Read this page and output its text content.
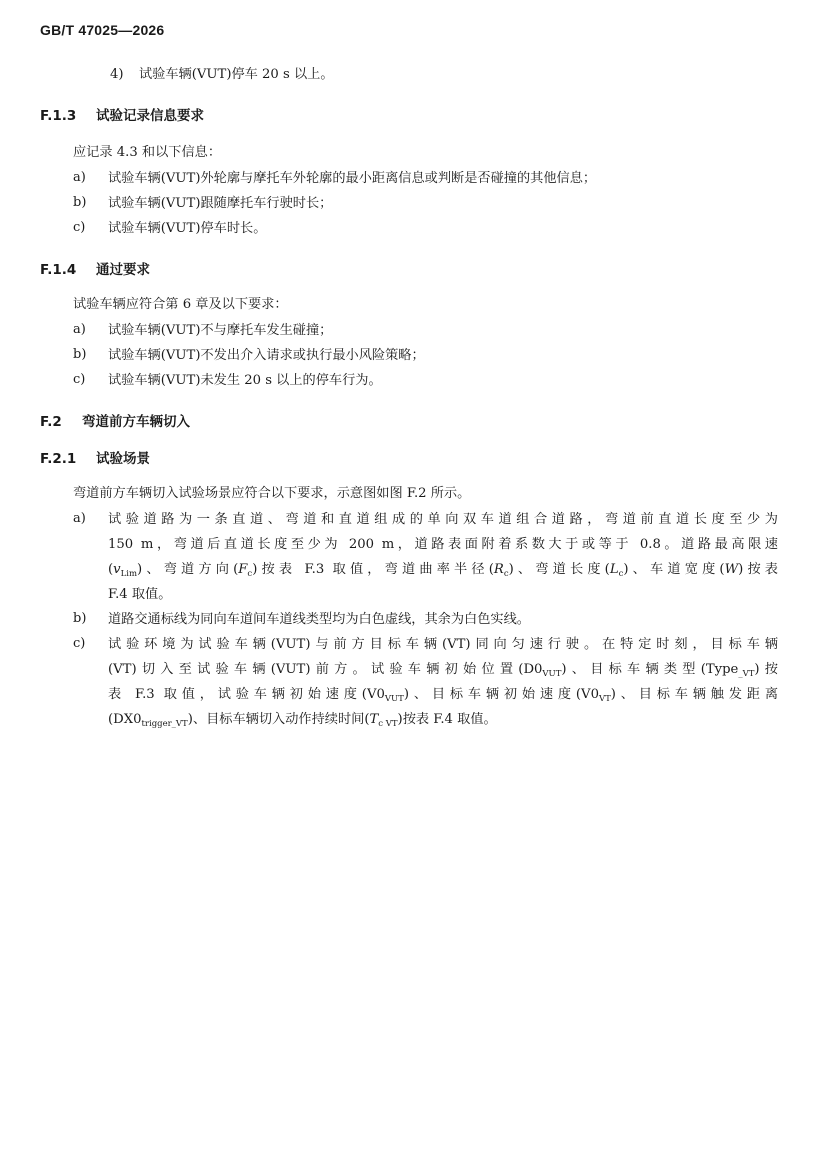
GB/T 47025—2026
4) 试验车辆(VUT)停车 20 s 以上。
F.1.3 试验记录信息要求
应记录 4.3 和以下信息：
a) 试验车辆(VUT)外轮廓与摩托车外轮廓的最小距离信息或判断是否碰撞的其他信息；
b) 试验车辆(VUT)跟随摩托车行驶时长；
c) 试验车辆(VUT)停车时长。
F.1.4 通过要求
试验车辆应符合第 6 章及以下要求：
a) 试验车辆(VUT)不与摩托车发生碰撞；
b) 试验车辆(VUT)不发出介入请求或执行最小风险策略；
c) 试验车辆(VUT)未发生 20 s 以上的停车行为。
F.2 弯道前方车辆切入
F.2.1 试验场景
弯道前方车辆切入试验场景应符合以下要求，示意图如图 F.2 所示。
a) 试验道路为一条直道、弯道和直道组成的单向双车道组合道路，弯道前直道长度至少为
150 m，弯道后直道长度至少为 200 m，道路表面附着系数大于或等于 0.8。道路最高限速
$(v_{Lim})$、弯道方向$(F_c)$按表 F.3 取值，弯道曲率半径$(R_c)$、弯道长度$(L_c)$、车道宽度(W)按表
F.4 取值。
b) 道路交通标线为同向车道间车道线类型均为白色虚线，其余为白色实线。
c) 试验环境为试验车辆(VUT)与前方目标车辆(VT)同向匀速行驶。在特定时刻，目标车辆
(VT)切入至试验车辆(VUT)前方。试验车辆初始位置$(D0_{VUT})$、目标车辆类型(Type$_{\_VT}$)按
表 F.3 取值，试验车辆初始速度$(V0_{VUT})$、目标车辆初始速度$(V0_{VT})$、目标车辆触发距离
$(DX0_{trigger\_VT})$、目标车辆切入动作持续时间$(T_{c VT})$按表 F.4 取值。
